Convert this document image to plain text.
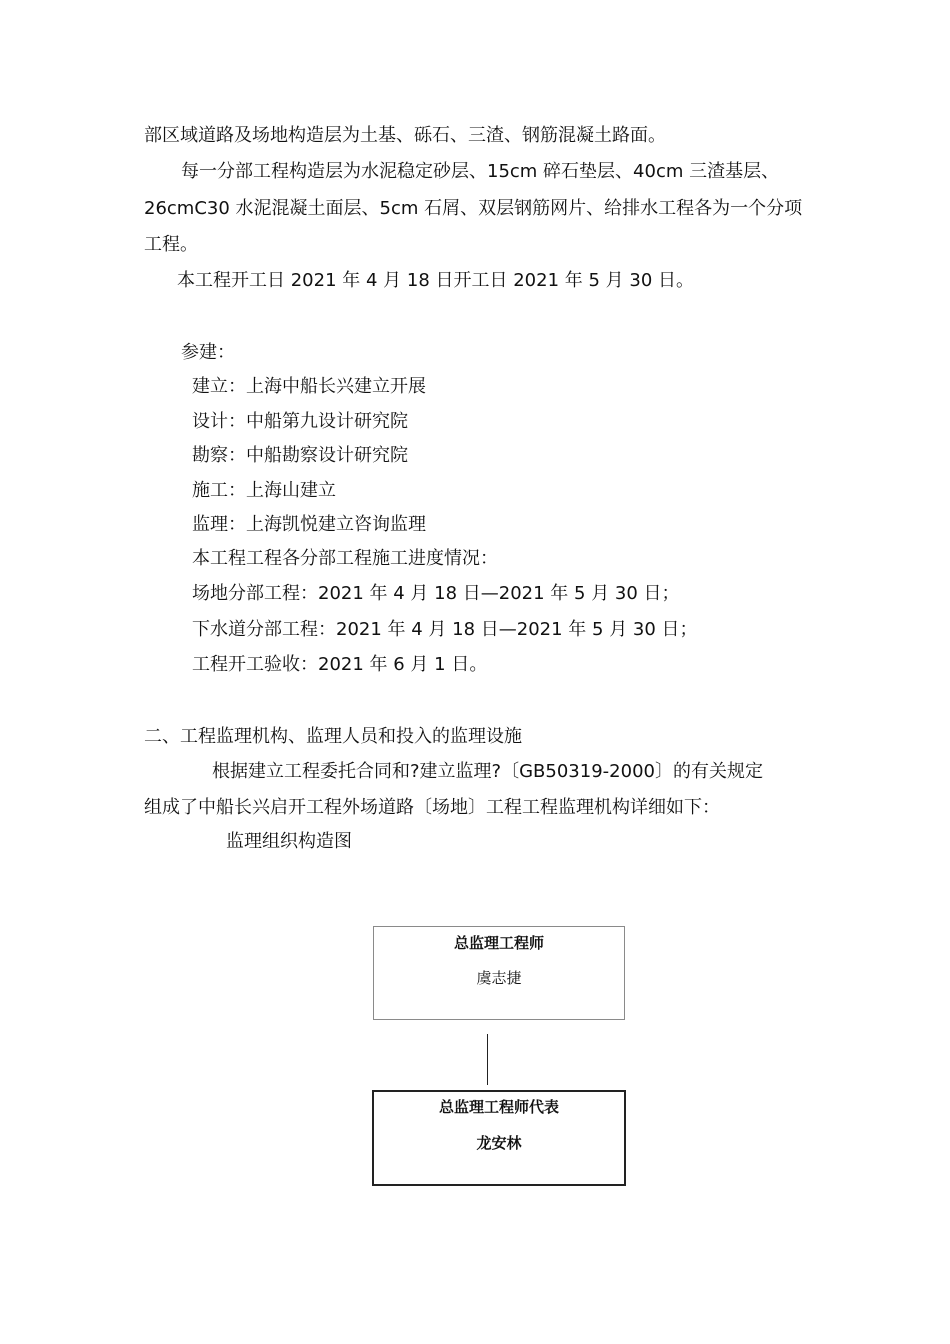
部区域道路及场地构造层为土基、砾石、三渣、钢筋混凝土路面。
每一分部工程构造层为水泥稳定砂层、15cm 碎石垫层、40cm 三渣基层、
26cmC30 水泥混凝土面层、5cm 石屑、双层钢筋网片、给排水工程各为一个分项
工程。
本工程开工日 2021 年 4 月 18 日开工日 2021 年 5 月 30 日。
参建：
建立：上海中船长兴建立开展
设计：中船第九设计研究院
勘察：中船勘察设计研究院
施工：上海山建立
监理：上海凯悦建立咨询监理
本工程工程各分部工程施工进度情况：
场地分部工程：2021 年 4 月 18 日—2021 年 5 月 30 日；
下水道分部工程：2021 年 4 月 18 日—2021 年 5 月 30 日；
工程开工验收：2021 年 6 月 1 日。
二、工程监理机构、监理人员和投入的监理设施
根据建立工程委托合同和?建立监理?〔GB50319-2000〕的有关规定
组成了中船长兴启开工程外场道路〔场地〕工程工程监理机构详细如下：
监理组织构造图
总监理工程师
虞志捷
总监理工程师代表
龙安林
